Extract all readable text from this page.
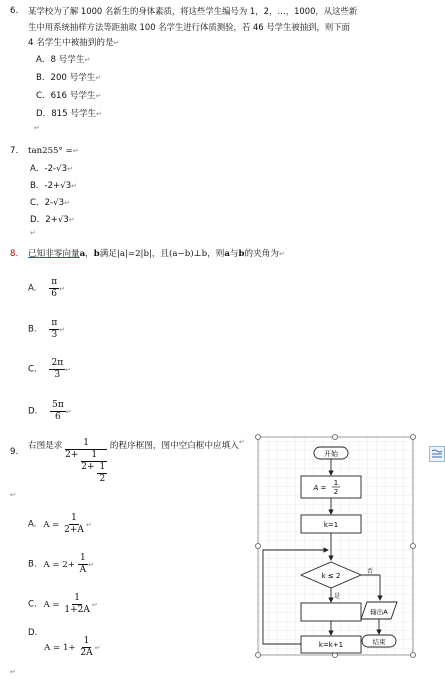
6. 某学校为了解 1000 名新生的身体素质，将这些学生编号为 1，2，…，1000，从这些新
生中用系统抽样方法等距抽取 100 名学生进行体质测验，若 46 号学生被抽到，则下面
4 名学生中被抽到的是↵
A．8 号学生↵
B．200 号学生↵
C．616 号学生↵
D．815 号学生↵
↵
7. tan255° =↵
A．-2-√3↵
B．-2+√3↵
C．2-√3↵
D．2+√3↵
↵
8. 已知非零向量a，b满足|a|=2|b|，且(a−b)⊥b，则a与b的夹角为↵
A. $\frac{\pi}{6}$ ↵
B. $\frac{\pi}{3}$ ↵
C. $\frac{2\pi}{3}$ ↵
D. $\frac{5\pi}{6}$ ↵
9.
右图是求	1
$2+ \frac{1}{2+ \frac{1}{2}}$
的程序框图，图中空白框中应填入↵
↵
A. $A = \frac{1}{2+A}$ ↵
B. $A = 2+ \frac{1}{A}$ ↵
C. $A = \frac{1}{1+2A}$ ↵
D. $A = 1+ \frac{1}{2A} _↵$
↵
开始
A =
1
2
k=1
k ≤ 2
否
是
输出A
结束
k=k+1
